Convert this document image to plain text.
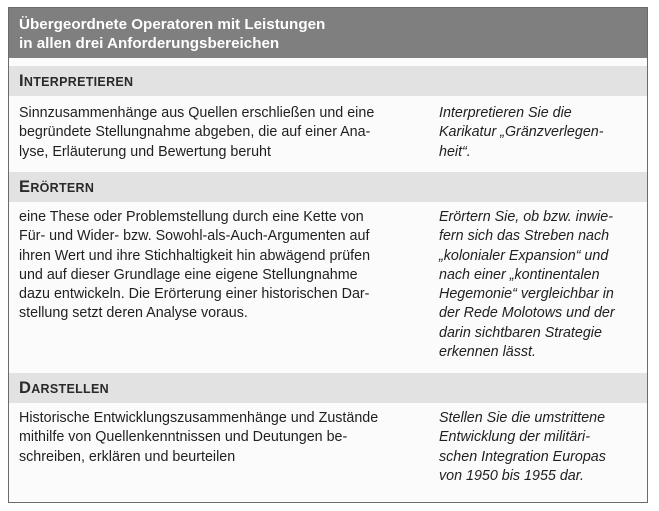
Übergeordnete Operatoren mit Leistungen
in allen drei Anforderungsbereichen
INTERPRETIEREN
Sinnzusammenhänge aus Quellen erschließen und eine
begründete Stellungnahme abgeben, die auf einer Ana-
lyse, Erläuterung und Bewertung beruht
Interpretieren Sie die
Karikatur „Gränzverlegen-
heit“.
ERÖRTERN
eine These oder Problemstellung durch eine Kette von
Für- und Wider- bzw. Sowohl-als-Auch-Argumenten auf
ihren Wert und ihre Stichhaltigkeit hin abwägend prüfen
und auf dieser Grundlage eine eigene Stellungnahme
dazu entwickeln. Die Erörterung einer historischen Dar-
stellung setzt deren Analyse voraus.
Erörtern Sie, ob bzw. inwie-
fern sich das Streben nach
„kolonialer Expansion“ und
nach einer „kontinentalen
Hegemonie“ vergleichbar in
der Rede Molotows und der
darin sichtbaren Strategie
erkennen lässt.
DARSTELLEN
Historische Entwicklungszusammenhänge und Zustände
mithilfe von Quellenkenntnissen und Deutungen be-
schreiben, erklären und beurteilen
Stellen Sie die umstrittene
Entwicklung der militäri-
schen Integration Europas
von 1950 bis 1955 dar.
